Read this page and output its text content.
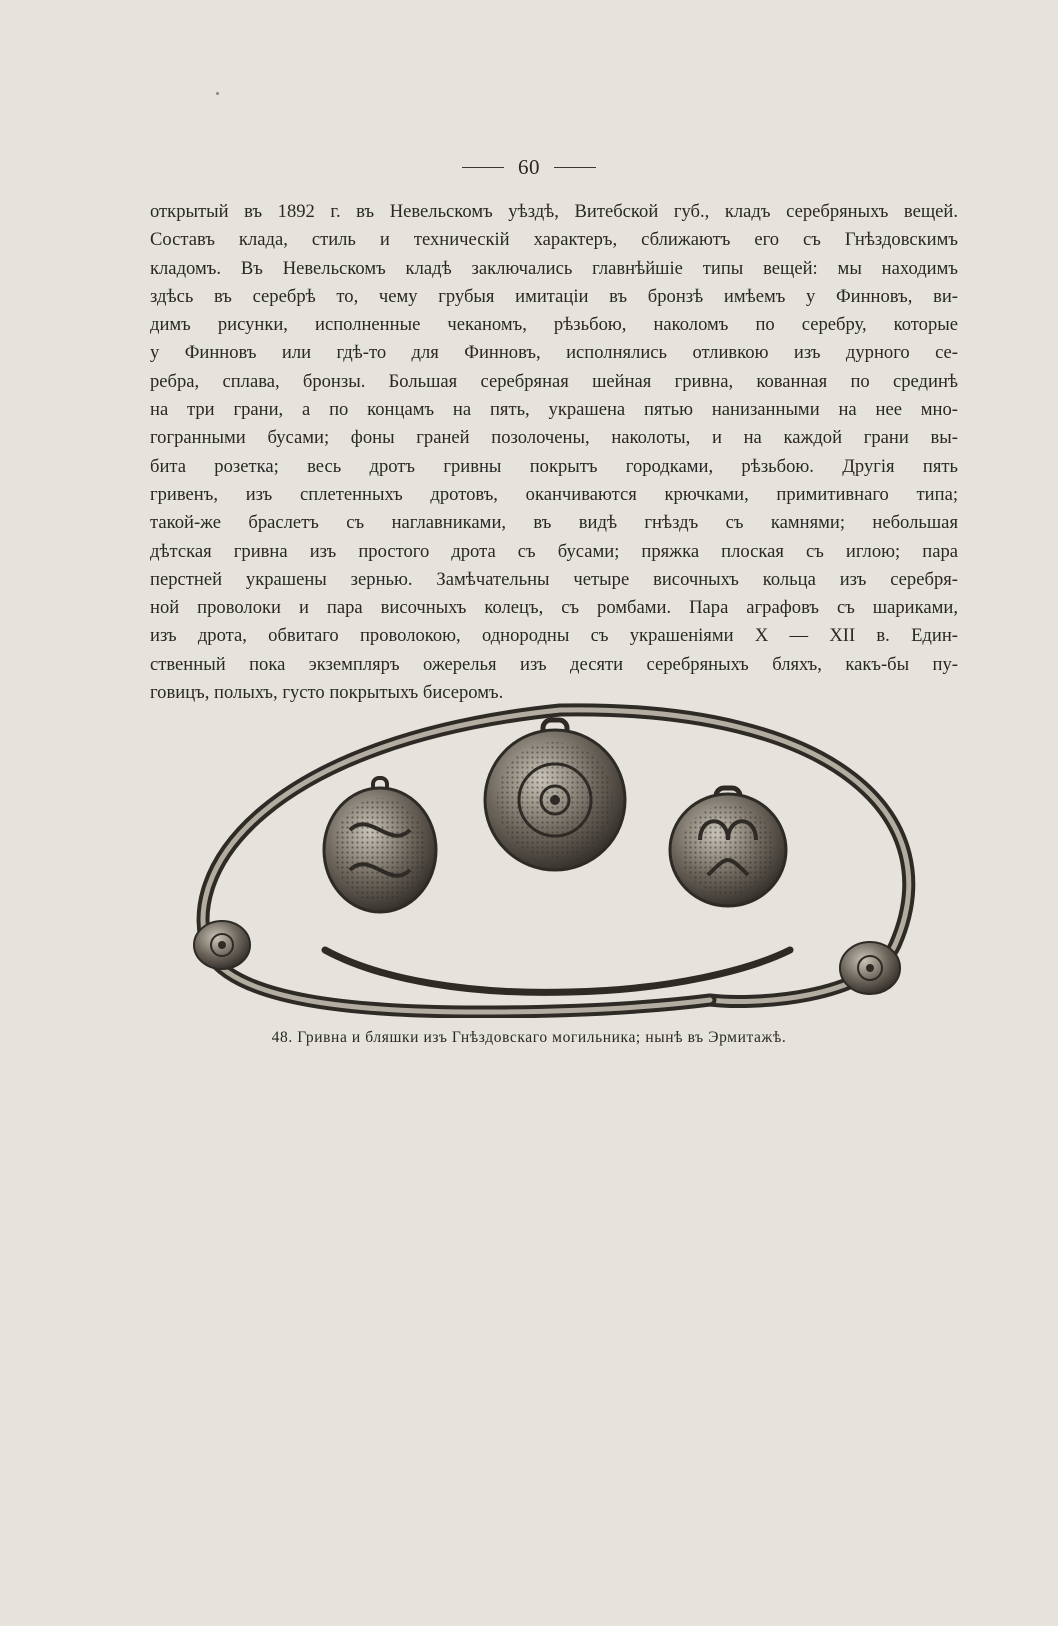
60
открытый въ 1892 г. въ Невельскомъ уѣздѣ, Витебской губ., кладъ серебряныхъ вещей.
Составъ клада, стиль и техническій характеръ, сближаютъ его съ Гнѣздовскимъ
кладомъ. Въ Невельскомъ кладѣ заключались главнѣйшіе типы вещей: мы находимъ
здѣсь въ серебрѣ то, чему грубыя имитаціи въ бронзѣ имѣемъ у Финновъ, ви-
димъ рисунки, исполненные чеканомъ, рѣзьбою, наколомъ по серебру, которые
у Финновъ или гдѣ-то для Финновъ, исполнялись отливкою изъ дурного се-
ребра, сплава, бронзы. Большая серебряная шейная гривна, кованная по срединѣ
на три грани, а по концамъ на пять, украшена пятью нанизанными на нее мно-
гогранными бусами; фоны граней позолочены, наколоты, и на каждой грани вы-
бита розетка; весь дротъ гривны покрытъ городками, рѣзьбою. Другія пять
гривенъ, изъ сплетенныхъ дротовъ, оканчиваются крючками, примитивнаго типа;
такой-же браслетъ съ наглавниками, въ видѣ гнѣздъ съ камнями; небольшая
дѣтская гривна изъ простого дрота съ бусами; пряжка плоская съ иглою; пара
перстней украшены зернью. Замѣчательны четыре височныхъ кольца изъ серебря-
ной проволоки и пара височныхъ колецъ, съ ромбами. Пара аграфовъ съ шариками,
изъ дрота, обвитаго проволокою, однородны съ украшеніями X — XII в. Един-
ственный пока экземпляръ ожерелья изъ десяти серебряныхъ бляхъ, какъ-бы пу-
говицъ, полыхъ, густо покрытыхъ бисеромъ.
48. Гривна и бляшки изъ Гнѣздовскаго могильника; нынѣ въ Эрмитажѣ.
